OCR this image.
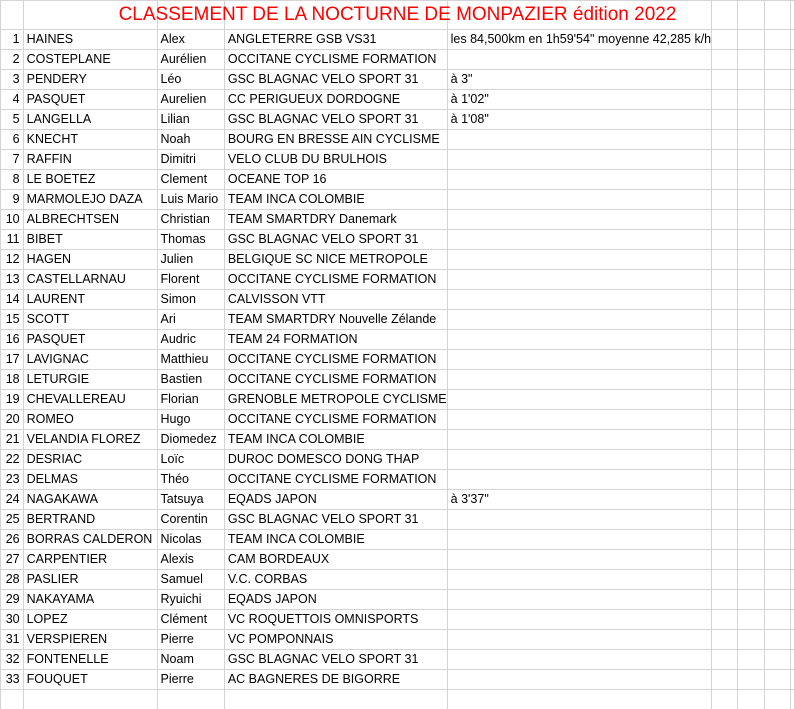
1	HAINES	Alex	ANGLETERRE GSB VS31	les 84,500km en 1h59'54" moyenne 42,285 k/h				
2	COSTEPLANE	Aurélien	OCCITANE CYCLISME FORMATION					
3	PENDERY	Léo	GSC BLAGNAC VELO SPORT 31	à 3"				
4	PASQUET	Aurelien	CC PERIGUEUX DORDOGNE	à 1'02"				
5	LANGELLA	Lilian	GSC BLAGNAC VELO SPORT 31	à 1'08"				
6	KNECHT	Noah	BOURG EN BRESSE AIN CYCLISME					
7	RAFFIN	Dimitri	VELO CLUB DU BRULHOIS					
8	LE BOETEZ	Clement	OCEANE TOP 16					
9	MARMOLEJO DAZA	Luis Mario	TEAM INCA COLOMBIE					
10	ALBRECHTSEN	Christian	TEAM SMARTDRY Danemark					
11	BIBET	Thomas	GSC BLAGNAC VELO SPORT 31					
12	HAGEN	Julien	BELGIQUE SC NICE METROPOLE					
13	CASTELLARNAU	Florent	OCCITANE CYCLISME FORMATION					
14	LAURENT	Simon	CALVISSON VTT					
15	SCOTT	Ari	TEAM SMARTDRY Nouvelle Zélande					
16	PASQUET	Audric	TEAM 24 FORMATION					
17	LAVIGNAC	Matthieu	OCCITANE CYCLISME FORMATION					
18	LETURGIE	Bastien	OCCITANE CYCLISME FORMATION					
19	CHEVALLEREAU	Florian	GRENOBLE METROPOLE CYCLISME					
20	ROMEO	Hugo	OCCITANE CYCLISME FORMATION					
21	VELANDIA FLOREZ	Diomedez	TEAM INCA COLOMBIE					
22	DESRIAC	Loïc	DUROC DOMESCO DONG THAP					
23	DELMAS	Théo	OCCITANE CYCLISME FORMATION					
24	NAGAKAWA	Tatsuya	EQADS JAPON	à 3'37"				
25	BERTRAND	Corentin	GSC BLAGNAC VELO SPORT 31					
26	BORRAS CALDERON	Nicolas	TEAM INCA COLOMBIE					
27	CARPENTIER	Alexis	CAM BORDEAUX					
28	PASLIER	Samuel	V.C. CORBAS					
29	NAKAYAMA	Ryuichi	EQADS JAPON					
30	LOPEZ	Clément	VC ROQUETTOIS OMNISPORTS					
31	VERSPIEREN	Pierre	VC POMPONNAIS					
32	FONTENELLE	Noam	GSC BLAGNAC VELO SPORT 31					
33	FOUQUET	Pierre	AC BAGNERES DE BIGORRE					

CLASSEMENT DE LA NOCTURNE DE MONPAZIER édition 2022
